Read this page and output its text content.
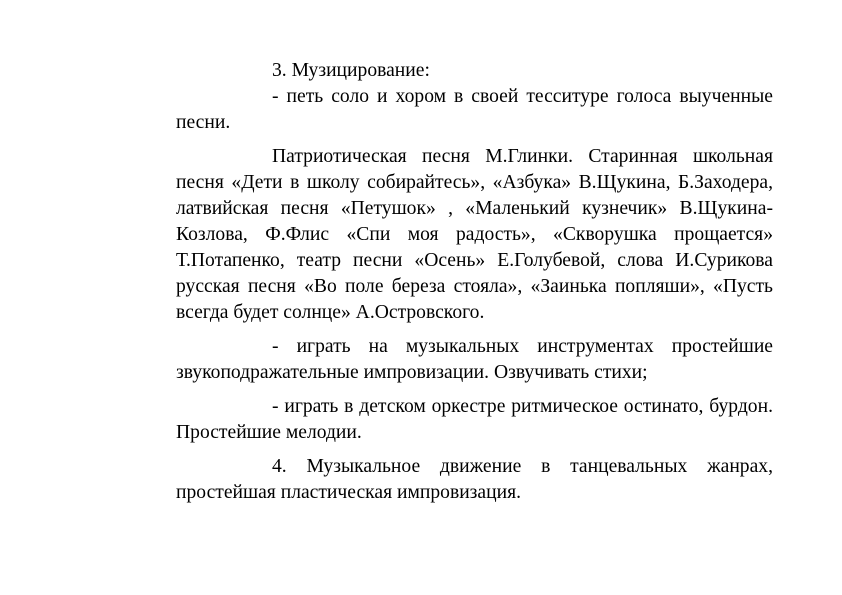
3. Музицирование:

- петь соло и хором в своей тесситуре голоса выученные песни.

Патриотическая песня М.Глинки. Старинная школьная песня «Дети в школу собирайтесь», «Азбука» В.Щукина, Б.Заходера, латвийская песня «Петушок» , «Маленький кузнечик» В.Щукина-Козлова, Ф.Флис «Спи моя радость», «Скворушка прощается» Т.Потапенко, театр песни «Осень» Е.Голубевой, слова И.Сурикова русская песня «Во поле береза стояла», «Заинька попляши», «Пусть всегда будет солнце» А.Островского.

- играть на музыкальных инструментах простейшие звукоподражательные импровизации. Озвучивать стихи;

- играть в детском оркестре ритмическое остинато, бурдон. Простейшие мелодии.

4. Музыкальное движение в танцевальных жанрах, простейшая пластическая импровизация.
